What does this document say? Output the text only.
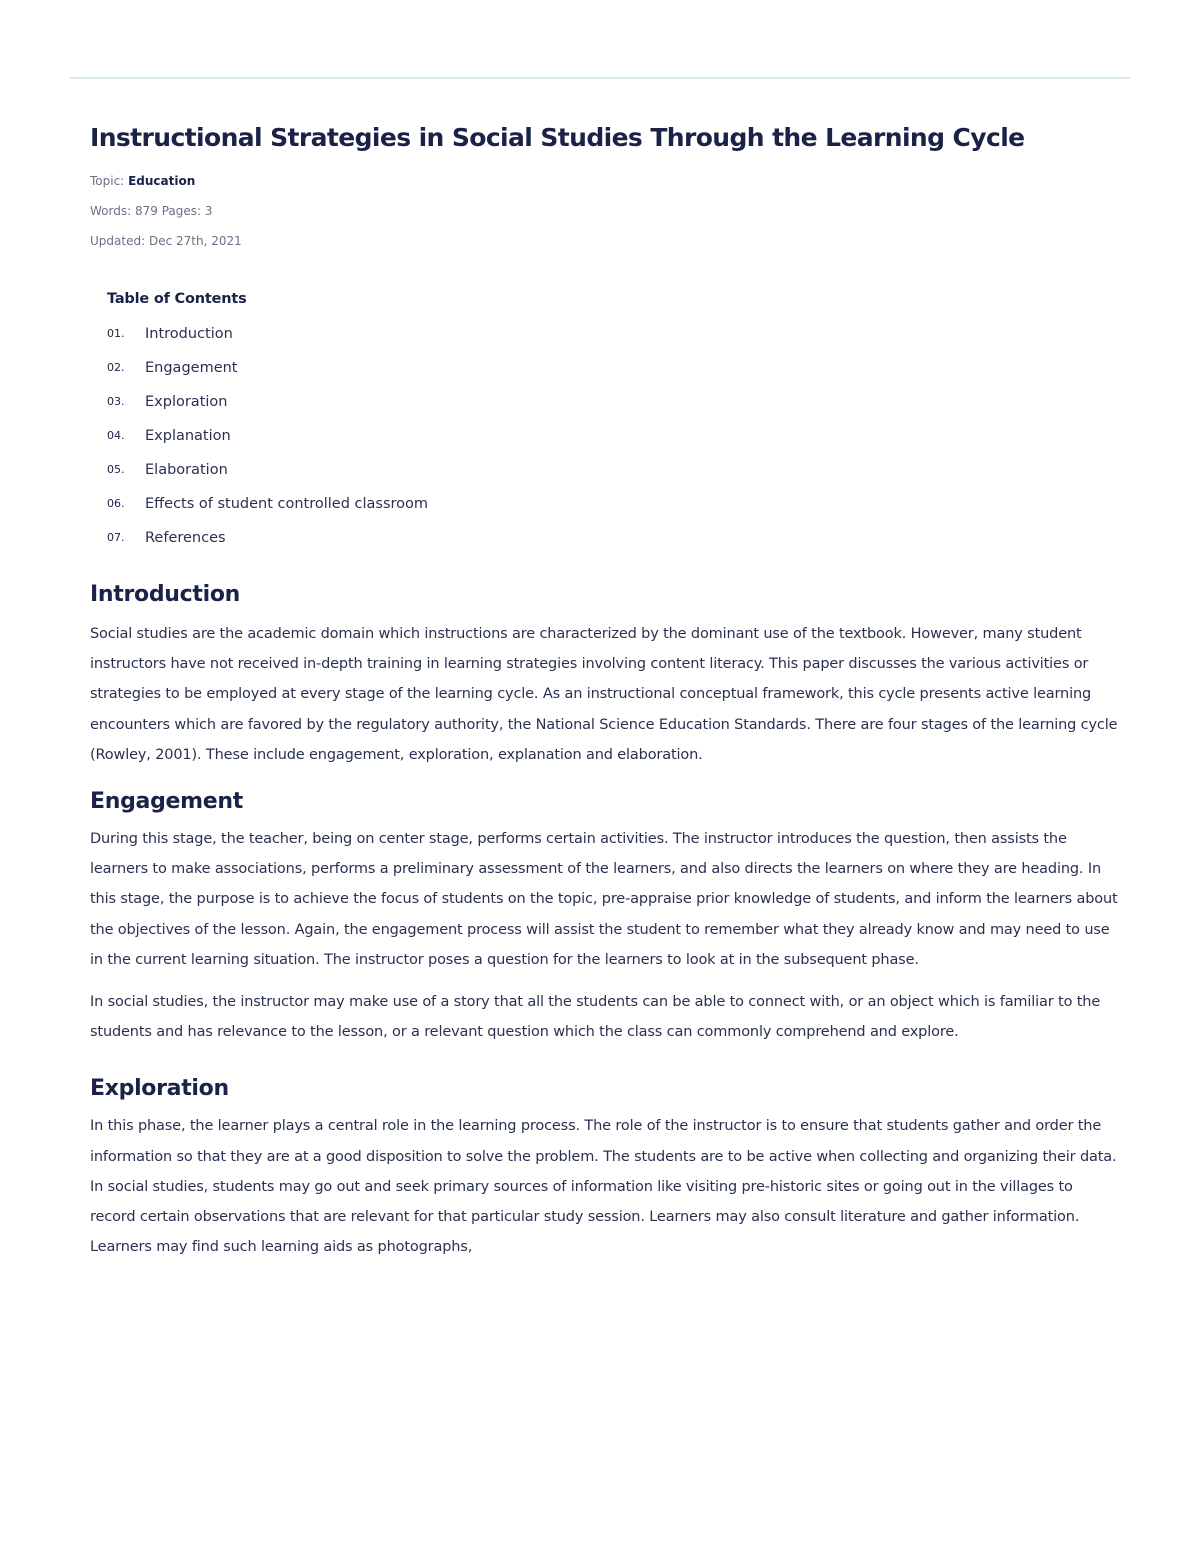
Instructional Strategies in Social Studies Through the Learning Cycle

Topic: Education

Words: 879 Pages: 3

Updated: Dec 27th, 2021

Table of Contents
01.	Introduction
02.	Engagement
03.	Exploration
04.	Explanation
05.	Elaboration
06.	Effects of student controlled classroom
07.	References
Introduction

Social studies are the academic domain which instructions are characterized by the dominant use of the textbook. However, many student instructors have not received in-depth training in learning strategies involving content literacy. This paper discusses the various activities or strategies to be employed at every stage of the learning cycle. As an instructional conceptual framework, this cycle presents active learning encounters which are favored by the regulatory authority, the National Science Education Standards. There are four stages of the learning cycle (Rowley, 2001). These include engagement, exploration, explanation and elaboration.

Engagement

During this stage, the teacher, being on center stage, performs certain activities. The instructor introduces the question, then assists the learners to make associations, performs a preliminary assessment of the learners, and also directs the learners on where they are heading. In this stage, the purpose is to achieve the focus of students on the topic, pre-appraise prior knowledge of students, and inform the learners about the objectives of the lesson. Again, the engagement process will assist the student to remember what they already know and may need to use in the current learning situation. The instructor poses a question for the learners to look at in the subsequent phase.

In social studies, the instructor may make use of a story that all the students can be able to connect with, or an object which is familiar to the students and has relevance to the lesson, or a relevant question which the class can commonly comprehend and explore.

Exploration

In this phase, the learner plays a central role in the learning process. The role of the instructor is to ensure that students gather and order the information so that they are at a good disposition to solve the problem. The students are to be active when collecting and organizing their data. In social studies, students may go out and seek primary sources of information like visiting pre-historic sites or going out in the villages to record certain observations that are relevant for that particular study session. Learners may also consult literature and gather information. Learners may find such learning aids as photographs,
